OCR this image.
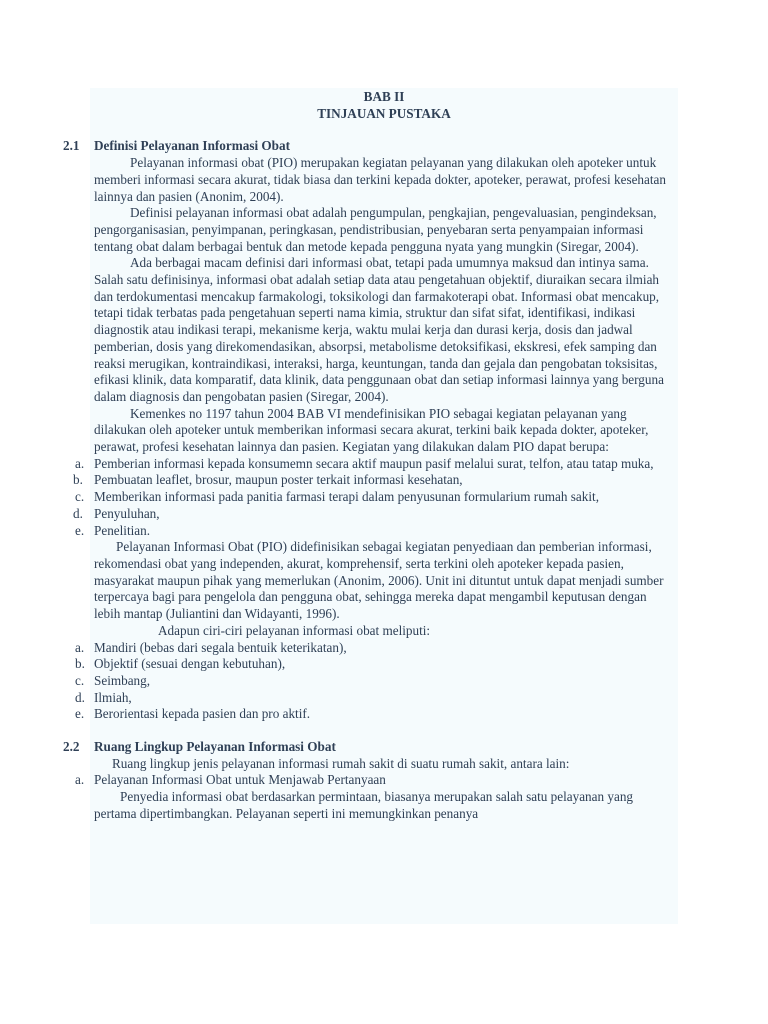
BAB II
TINJAUAN PUSTAKA
2.1 Definisi Pelayanan Informasi Obat
Pelayanan informasi obat (PIO) merupakan kegiatan pelayanan yang dilakukan oleh apoteker untuk memberi informasi secara akurat, tidak biasa dan terkini kepada dokter, apoteker, perawat, profesi kesehatan lainnya dan pasien (Anonim, 2004).
Definisi pelayanan informasi obat adalah pengumpulan, pengkajian, pengevaluasian, pengindeksan, pengorganisasian, penyimpanan, peringkasan, pendistribusian, penyebaran serta penyampaian informasi tentang obat dalam berbagai bentuk dan metode kepada pengguna nyata yang mungkin (Siregar, 2004).
Ada berbagai macam definisi dari informasi obat, tetapi pada umumnya maksud dan intinya sama. Salah satu definisinya, informasi obat adalah setiap data atau pengetahuan objektif, diuraikan secara ilmiah dan terdokumentasi mencakup farmakologi, toksikologi dan farmakoterapi obat. Informasi obat mencakup, tetapi tidak terbatas pada pengetahuan seperti nama kimia, struktur dan sifat sifat, identifikasi, indikasi diagnostik atau indikasi terapi, mekanisme kerja, waktu mulai kerja dan durasi kerja, dosis dan jadwal pemberian, dosis yang direkomendasikan, absorpsi, metabolisme detoksifikasi, ekskresi, efek samping dan reaksi merugikan, kontraindikasi, interaksi, harga, keuntungan, tanda dan gejala dan pengobatan toksisitas, efikasi klinik, data komparatif, data klinik, data penggunaan obat dan setiap informasi lainnya yang berguna dalam diagnosis dan pengobatan pasien (Siregar, 2004).
Kemenkes no 1197 tahun 2004 BAB VI mendefinisikan PIO sebagai kegiatan pelayanan yang dilakukan oleh apoteker untuk memberikan informasi secara akurat, terkini baik kepada dokter, apoteker, perawat, profesi kesehatan lainnya dan pasien. Kegiatan yang dilakukan dalam PIO dapat berupa:
a. Pemberian informasi kepada konsumemn secara aktif maupun pasif melalui surat, telfon, atau tatap muka,
b. Pembuatan leaflet, brosur, maupun poster terkait informasi kesehatan,
c. Memberikan informasi pada panitia farmasi terapi dalam penyusunan formularium rumah sakit,
d. Penyuluhan,
e. Penelitian.
Pelayanan Informasi Obat (PIO) didefinisikan sebagai kegiatan penyediaan dan pemberian informasi, rekomendasi obat yang independen, akurat, komprehensif, serta terkini oleh apoteker kepada pasien, masyarakat maupun pihak yang memerlukan (Anonim, 2006). Unit ini dituntut untuk dapat menjadi sumber terpercaya bagi para pengelola dan pengguna obat, sehingga mereka dapat mengambil keputusan dengan lebih mantap (Juliantini dan Widayanti, 1996).
Adapun ciri-ciri pelayanan informasi obat meliputi:
a. Mandiri (bebas dari segala bentuik keterikatan),
b. Objektif (sesuai dengan kebutuhan),
c. Seimbang,
d. Ilmiah,
e. Berorientasi kepada pasien dan pro aktif.
2.2 Ruang Lingkup Pelayanan Informasi Obat
Ruang lingkup jenis pelayanan informasi rumah sakit di suatu rumah sakit, antara lain:
a. Pelayanan Informasi Obat untuk Menjawab Pertanyaan
Penyedia informasi obat berdasarkan permintaan, biasanya merupakan salah satu pelayanan yang pertama dipertimbangkan. Pelayanan seperti ini memungkinkan penanya
